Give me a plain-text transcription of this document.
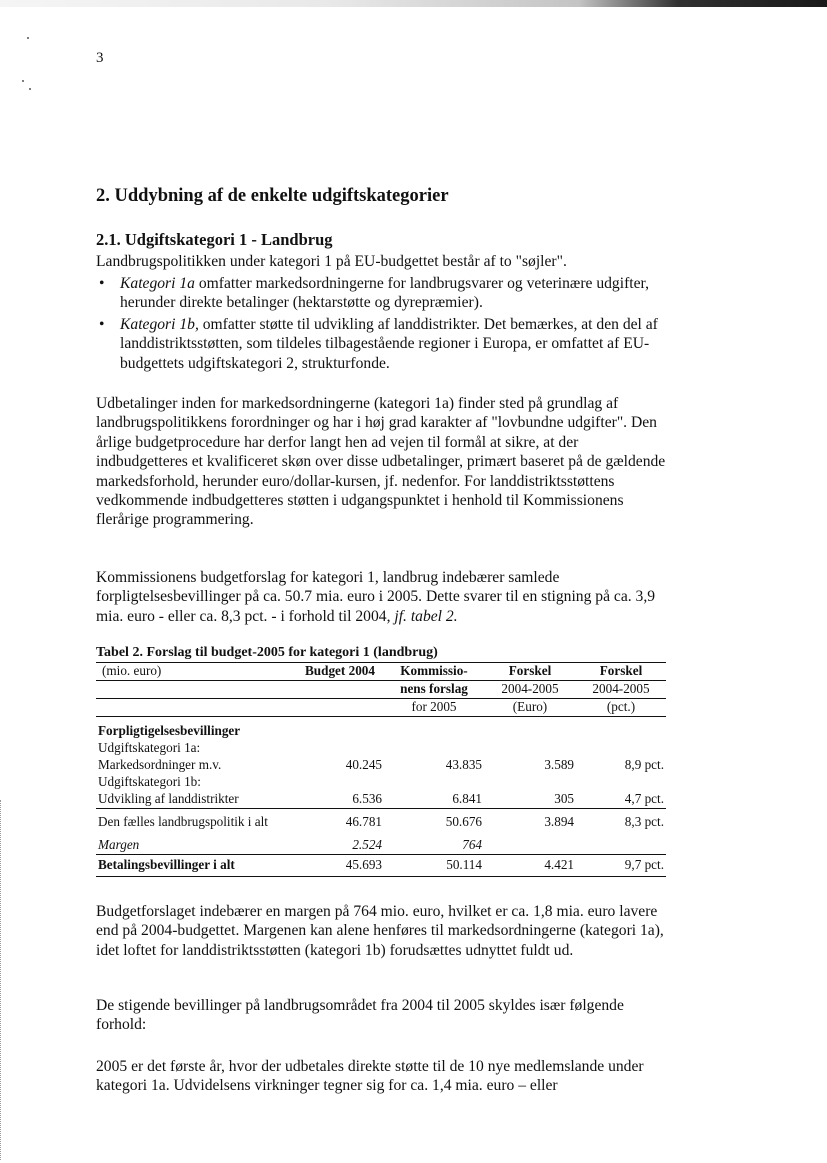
3
2. Uddybning af de enkelte udgiftskategorier
2.1. Udgiftskategori 1 - Landbrug

Landbrugspolitikken under kategori 1 på EU-budgettet består af to "søjler".

• Kategori 1a omfatter markedsordningerne for landbrugsvarer og veterinære udgifter, herunder direkte betalinger (hektarstøtte og dyrepræmier).
• Kategori 1b, omfatter støtte til udvikling af landdistrikter. Det bemærkes, at den del af landdistriktsstøtten, som tildeles tilbagestående regioner i Europa, er omfattet af EU-budgettets udgiftskategori 2, strukturfonde.

Udbetalinger inden for markedsordningerne (kategori 1a) finder sted på grundlag af landbrugspolitikkens forordninger og har i høj grad karakter af "lovbundne udgifter". Den årlige budgetprocedure har derfor langt hen ad vejen til formål at sikre, at der indbudgetteres et kvalificeret skøn over disse udbetalinger, primært baseret på de gældende markedsforhold, herunder euro/dollar-kursen, jf. nedenfor. For landdistriktsstøttens vedkommende indbudgetteres støtten i udgangspunktet i henhold til Kommissionens flerårige programmering.

Kommissionens budgetforslag for kategori 1, landbrug indebærer samlede forpligtelsesbevillinger på ca. 50.7 mia. euro i 2005. Dette svarer til en stigning på ca. 3,9 mia. euro - eller ca. 8,3 pct. - i forhold til 2004, jf. tabel 2.

Tabel 2. Forslag til budget-2005 for kategori 1 (landbrug)
(mio. euro)	Budget 2004	Kommissio-	Forskel	Forskel
		nens forslag	2004-2005	2004-2005
		for 2005	(Euro)	(pct.)

Forpligtigelsesbevillinger				
Udgiftskategori 1a:				
Markedsordninger m.v.	40.245	43.835	3.589	8,9 pct.
Udgiftskategori 1b:				
Udvikling af landdistrikter	6.536	6.841	305	4,7 pct.
Den fælles landbrugspolitik i alt	46.781	50.676	3.894	8,3 pct.
Margen	2.524	764		
Betalingsbevillinger i alt	45.693	50.114	4.421	9,7 pct.

Budgetforslaget indebærer en margen på 764 mio. euro, hvilket er ca. 1,8 mia. euro lavere end på 2004-budgettet. Margenen kan alene henføres til markedsordningerne (kategori 1a), idet loftet for landdistriktsstøtten (kategori 1b) forudsættes udnyttet fuldt ud.

De stigende bevillinger på landbrugsområdet fra 2004 til 2005 skyldes især følgende forhold:

2005 er det første år, hvor der udbetales direkte støtte til de 10 nye medlemslande under kategori 1a. Udvidelsens virkninger tegner sig for ca. 1,4 mia. euro – eller
